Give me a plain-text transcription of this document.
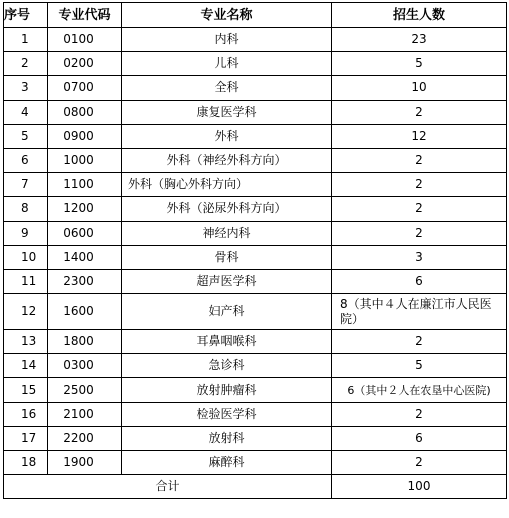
序号	专业代码	专业名称	招生人数
1	0100	内科	23
2	0200	儿科	5
3	0700	全科	10
4	0800	康复医学科	2
5	0900	外科	12
6	1000	外科（神经外科方向）	2
7	1100	外科（胸心外科方向）	2
8	1200	外科（泌尿外科方向）	2
9	0600	神经内科	2
10	1400	骨科	3
11	2300	超声医学科	6
12	1600	妇产科	8（其中４人在廉江市人民医院）
13	1800	耳鼻咽喉科	2
14	0300	急诊科	5
15	2500	放射肿瘤科	6（其中２人在农垦中心医院)
16	2100	检验医学科	2
17	2200	放射科	6
18	1900	麻醉科	2
合计			100
